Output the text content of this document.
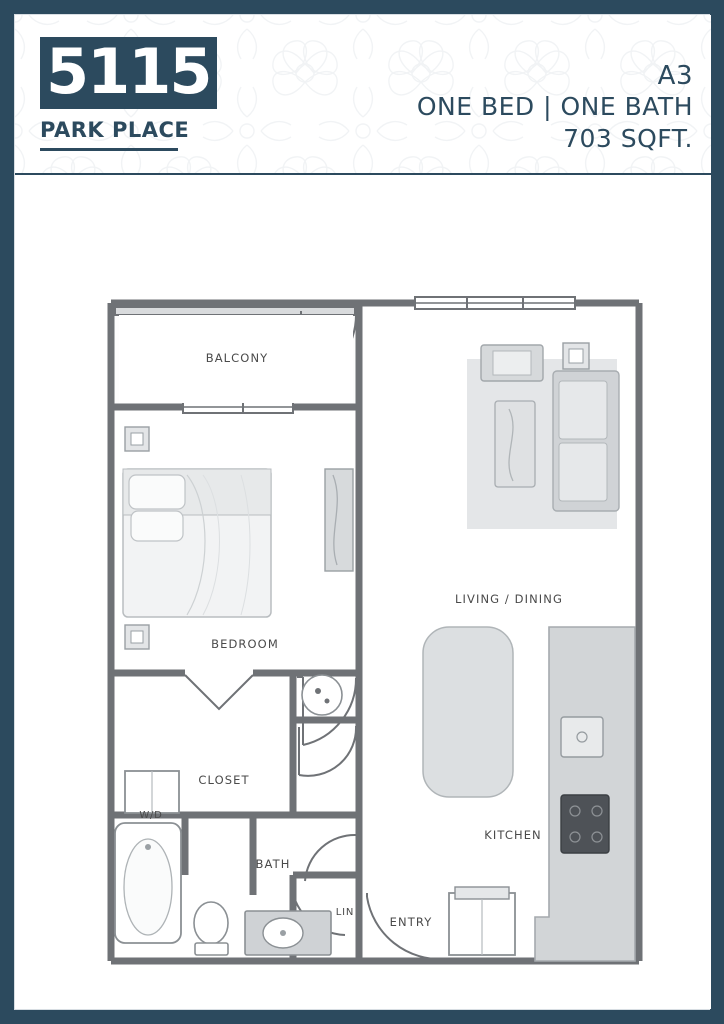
5115
PARK PLACE
A3
ONE BED | ONE BATH
703 SQFT.
BALCONY
BEDROOM
CLOSET
W/D
BATH
LIN
ENTRY
KITCHEN
LIVING / DINING
